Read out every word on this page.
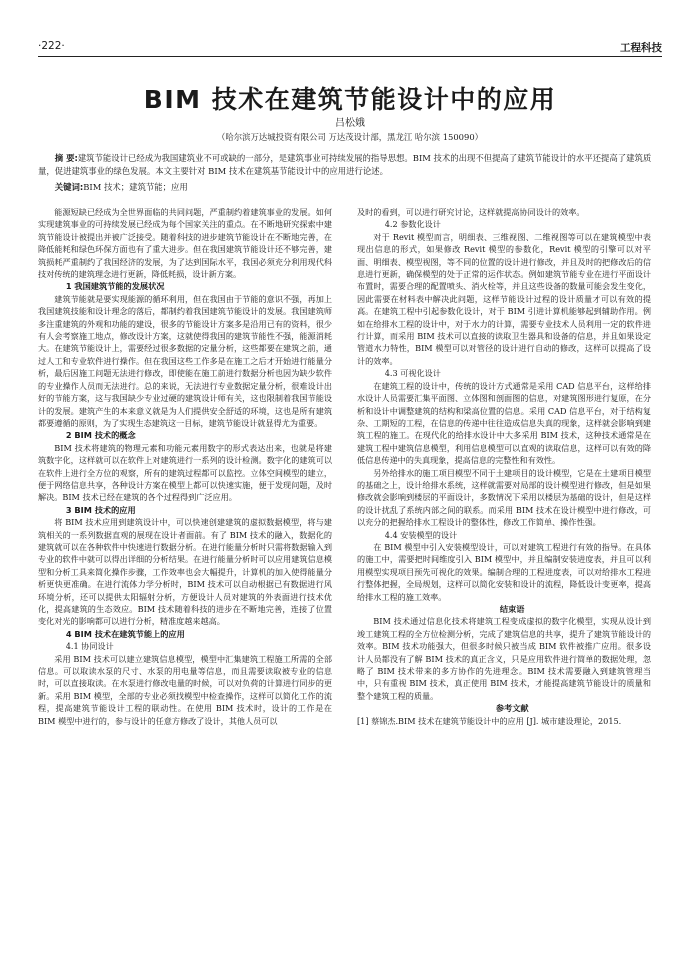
·222·	工程科技
BIM 技术在建筑节能设计中的应用
吕松娥
（哈尔滨万达城投资有限公司 万达茂设计部，黑龙江 哈尔滨 150090）
摘 要:建筑节能设计已经成为我国建筑业不可或缺的一部分，是建筑事业可持续发展的指导思想。BIM 技术的出现不但提高了建筑节能设计的水平还提高了建筑质量，促进建筑事业的绿色发展。本文主要针对 BIM 技术在建筑基节能设计中的应用进行论述。
关键词:BIM 技术；建筑节能；应用

能源短缺已经成为全世界面临的共同问题，严重制约着建筑事业的发展。如何实现建筑事业的可持续发展已经成为每个国家关注的重点。在不断地研究探索中建筑节能设计被提出并被广泛接受。随着科技的进步建筑节能设计在不断地完善，在降低能耗和绿色环保方面也有了重大进步。但在我国建筑节能设计还不够完善，建筑损耗严重制约了我国经济的发展，为了达到国际水平，我国必须充分利用现代科技对传统的建筑理念进行更新，降低耗损，设计新方案。

1 我国建筑节能的发展状况

建筑节能就是要实现能源的循环利用，但在我国由于节能的意识不强，再加上我国建筑技能和设计理念的落后，都制约着我国建筑节能设计的发展。我国建筑师多注重建筑的外观和功能的建设，很多的节能设计方案多是沿用已有的资料，很少有人会考察施工地点，修改设计方案，这就使得我国的建筑节能性不强，能源消耗大。在建筑节能设计上，需要经过很多数据的定量分析，这些都要在建筑之前，通过人工和专业软件进行操作。但在我国这些工作多是在施工之后才开始进行能量分析，最后因施工问题无法进行修改，即使能在施工前进行数据分析也因为缺少软件的专业操作人员而无法进行。总的来说，无法进行专业数据定量分析，很难设计出好的节能方案，这与我国缺少专业过硬的建筑设计师有关，这也限制着我国节能设计的发展。建筑产生的本来意义就是为人们提供安全舒适的环境，这也是所有建筑都要遵循的原则，为了实现生态建筑这一目标，建筑节能设计就显得尤为重要。

2 BIM 技术的概念

BIM 技术将建筑的物理元素和功能元素用数字的形式表达出来，也就是将建筑数字化，这样就可以在软件上对建筑进行一系列的设计检测。数字化的建筑可以在软件上进行全方位的观察，所有的建筑过程都可以监控。立体空间模型的建立，便于网络信息共享，各种设计方案在模型上都可以快速实施，便于发现问题，及时解决。BIM 技术已经在建筑的各个过程得到广泛应用。

3 BIM 技术的应用

将 BIM 技术应用到建筑设计中，可以快速创建建筑的虚拟数据模型，将与建筑相关的一系列数据直观的展现在设计者面前。有了 BIM 技术的融入，数据化的建筑就可以在各种软件中快速进行数据分析。在进行能量分析时只需将数据输入到专业的软件中就可以得出详细的分析结果。在进行能量分析时可以应用建筑信息模型和分析工具来简化操作步骤，工作效率也会大幅提升，计算机的加入使得能量分析更快更准确。在进行流体力学分析时，BIM 技术可以自动根据已有数据进行风环境分析，还可以提供太阳辐射分析，方便设计人员对建筑的外表面进行技术优化，提高建筑的生态效应。BIM 技术随着科技的进步在不断地完善，连接了位置变化对光的影响都可以进行分析，精准度越来越高。

4 BIM 技术在建筑节能上的应用

4.1 协同设计

采用 BIM 技术可以建立建筑信息模型，模型中汇集建筑工程施工所需的全部信息。可以取读水泵的尺寸、水泵的用电量等信息，而且需要读取被专业的信息时，可以直接取读。在水泵进行修改电量的时候，可以对负荷的计算进行同步的更新。采用 BIM 模型，全部的专业必须找模型中检查操作，这样可以简化工作的流程，提高建筑节能设计工程的联动性。在使用 BIM 技术时，设计的工作是在 BIM 模型中进行的，参与设计的任意方修改了设计，其他人员可以

及时的看到，可以进行研究讨论，这样就提高协同设计的效率。

4.2 参数化设计

对于 Revit 模型而言，明细表、三维视图、二维视图等可以在建筑模型中表现出信息的形式，如果修改 Revit 模型的参数化，Revit 模型的引擎可以对平面、明细表、模型视图，等不同的位置的设计进行修改，并且及时的把修改后的信息进行更新，确保模型的处于正常的运作状态。例如建筑节能专业在进行平面设计布置时，需要合理的配置喷头、消火栓等，并且这些设备的数量可能会发生变化，因此需要在材料表中解决此问题，这样节能设计过程的设计质量才可以有效的提高。在建筑工程中引起参数化设计，对于 BIM 引进计算机能够起到辅助作用。例如在给排水工程的设计中，对于水力的计算，需要专业技术人员利用一定的软件进行计算，而采用 BIM 技术可以直接的读取卫生器具和设备的信息，并且如果设定管道水力特性，BIM 模型可以对管径的设计进行自动的修改，这样可以提高了设计的效率。

4.3 可视化设计

在建筑工程的设计中，传统的设计方式通常是采用 CAD 信息平台，这样给排水设计人员需要汇集平面图、立体图和剖面图的信息，对建筑图形进行复原，在分析和设计中调整建筑的结构和梁高位置的信息。采用 CAD 信息平台，对于结构复杂、工期短的工程，在信息的传递中往往造成信息失真的现象，这样就会影响到建筑工程的施工。在现代化的给排水设计中大多采用 BIM 技术，这种技术通常是在建筑工程中建筑信息模型，利用信息模型可以直观的读取信息，这样可以有效的降低信息传递中的失真现象，提高信息的完整性和有效性。

另外给排水的施工项目模型不同于土建项目的设计模型，它是在土建项目模型的基础之上，设计给排水系统，这样就需要对局部的设计模型进行修改，但是如果修改就会影响到楼层的平面设计，多数情况下采用以楼层为基础的设计，但是这样的设计扰乱了系统内部之间的联系。而采用 BIM 技术在设计模型中进行修改，可以充分的把握给排水工程设计的整体性，修改工作简单、操作性强。

4.4 安装模型的设计

在 BIM 模型中引入安装模型设计，可以对建筑工程进行有效的指导。在具体的施工中，需要把时间维度引入 BIM 模型中，并且编制安装进度表，并且可以利用模型实现项目预先可视化的效果。编制合理的工程进度表，可以对给排水工程进行整体把握，全局规划，这样可以简化安装和设计的流程，降低设计变更率，提高给排水工程的施工效率。

结束语

BIM 技术通过信息化技术将建筑工程变成虚拟的数字化模型，实现从设计到竣工建筑工程的全方位检测分析，完成了建筑信息的共享，提升了建筑节能设计的效率。BIM 技术功能强大，但很多时候只被当成 BIM 软件被推广应用。很多设计人员都没有了解 BIM 技术的真正含义，只是应用软件进行简单的数据处理，忽略了 BIM 技术带来的多方协作的先进理念。BIM 技术需要融入到建筑管理当中，只有重视 BIM 技术，真正使用 BIM 技术，才能提高建筑节能设计的质量和整个建筑工程的质量。

参考文献

[1] 蔡锦杰.BIM 技术在建筑节能设计中的应用 [J]. 城市建设理论，2015.
